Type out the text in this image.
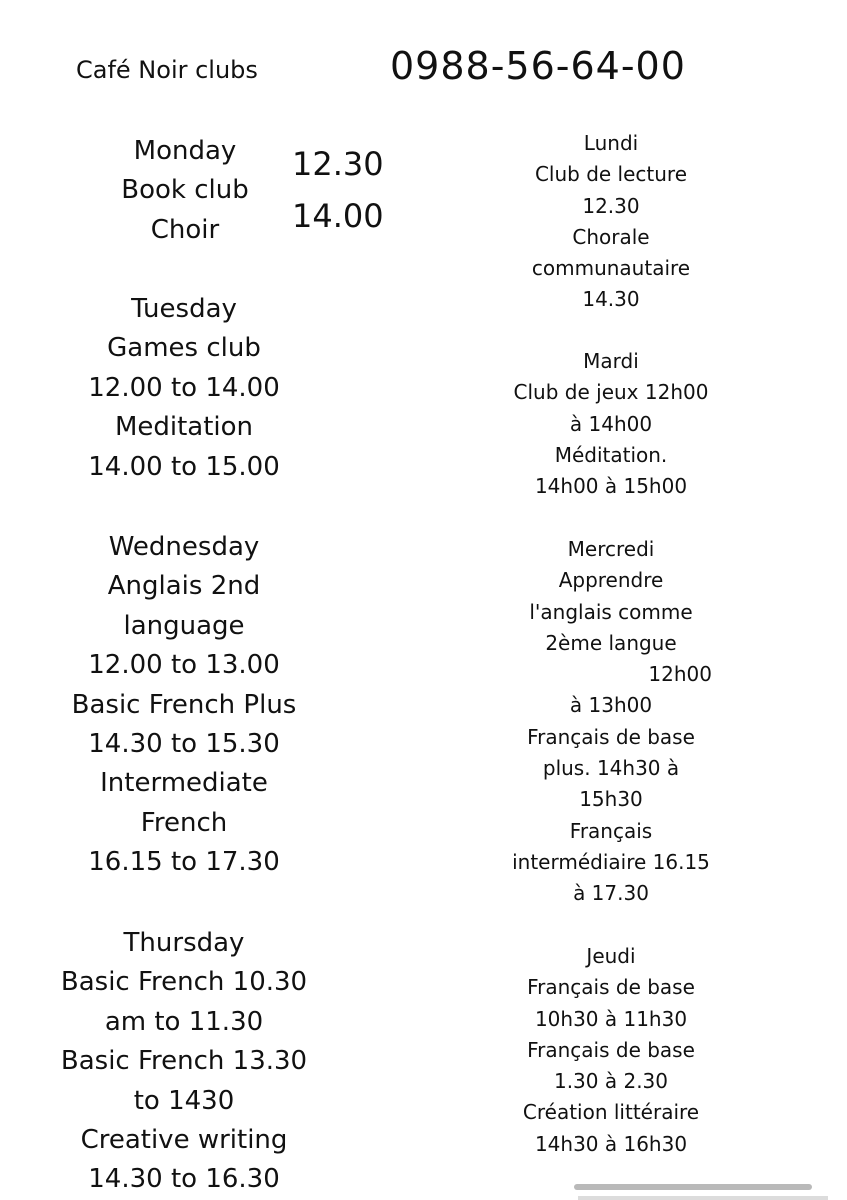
Café Noir clubs	0988-56-64-00
Monday
Book club
Choir
12.30
14.00
Tuesday
Games club
12.00 to 14.00
Meditation
14.00 to 15.00
Wednesday
Anglais 2nd
language
12.00 to 13.00
Basic French Plus
14.30 to 15.30
Intermediate
French
16.15 to 17.30
Thursday
Basic French 10.30
am to 11.30
Basic French 13.30
to 1430
Creative writing
14.30 to 16.30
Lundi
Club de lecture
12.30
Chorale
communautaire
14.30
Mardi
Club de jeux 12h00
à 14h00
Méditation.
14h00 à 15h00
Mercredi
Apprendre
l'anglais comme
2ème langue
12h00
à 13h00
Français de base
plus. 14h30 à
15h30
Français
intermédiaire 16.15
à 17.30
Jeudi
Français de base
10h30 à 11h30
Français de base
1.30 à 2.30
Création littéraire
14h30 à 16h30
